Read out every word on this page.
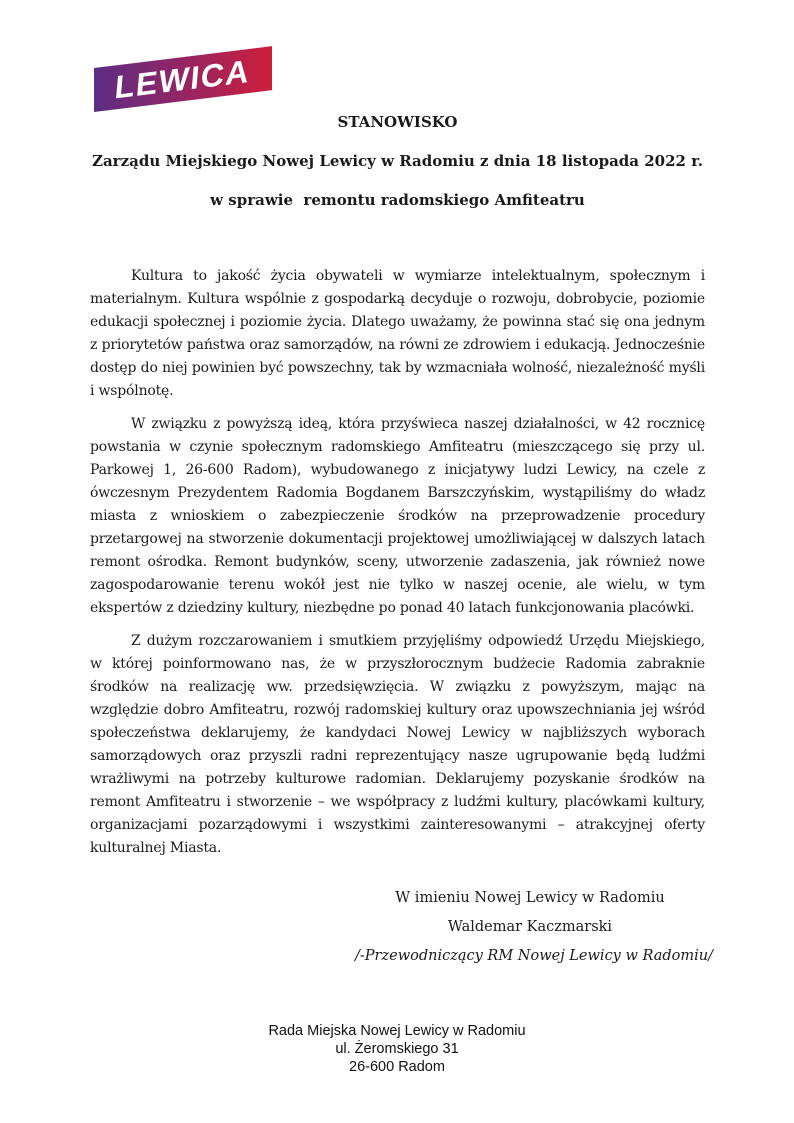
LEWICA
STANOWISKO
Zarządu Miejskiego Nowej Lewicy w Radomiu z dnia 18 listopada 2022 r.
w sprawie  remontu radomskiego Amfiteatru

Kultura to jakość życia obywateli w wymiarze intelektualnym, społecznym i materialnym. Kultura wspólnie z gospodarką decyduje o rozwoju, dobrobycie, poziomie edukacji społecznej i poziomie życia. Dlatego uważamy, że powinna stać się ona jednym z priorytetów państwa oraz samorządów, na równi ze zdrowiem i edukacją. Jednocześnie dostęp do niej powinien być powszechny, tak by wzmacniała wolność, niezależność myśli i wspólnotę.

W związku z powyższą ideą, która przyświeca naszej działalności, w 42 rocznicę powstania w czynie społecznym radomskiego Amfiteatru (mieszczącego się przy ul. Parkowej 1, 26-600 Radom), wybudowanego z inicjatywy ludzi Lewicy, na czele z ówczesnym Prezydentem Radomia Bogdanem Barszczyńskim, wystąpiliśmy do władz miasta z wnioskiem o zabezpieczenie środków na przeprowadzenie procedury przetargowej na stworzenie dokumentacji projektowej umożliwiającej w dalszych latach remont ośrodka. Remont budynków, sceny, utworzenie zadaszenia, jak również nowe zagospodarowanie terenu wokół jest nie tylko w naszej ocenie, ale wielu, w tym ekspertów z dziedziny kultury, niezbędne po ponad 40 latach funkcjonowania placówki.

Z dużym rozczarowaniem i smutkiem przyjęliśmy odpowiedź Urzędu Miejskiego, w której poinformowano nas, że w przyszłorocznym budżecie Radomia zabraknie środków na realizację ww. przedsięwzięcia. W związku z powyższym, mając na względzie dobro Amfiteatru, rozwój radomskiej kultury oraz upowszechniania jej wśród społeczeństwa deklarujemy, że kandydaci Nowej Lewicy w najbliższych wyborach samorządowych oraz przyszli radni reprezentujący nasze ugrupowanie będą ludźmi wrażliwymi na potrzeby kulturowe radomian. Deklarujemy pozyskanie środków na remont Amfiteatru i stworzenie – we współpracy z ludźmi kultury, placówkami kultury, organizacjami pozarządowymi i wszystkimi zainteresowanymi – atrakcyjnej oferty kulturalnej Miasta.

W imieniu Nowej Lewicy w Radomiu
Waldemar Kaczmarski
/-Przewodniczący RM Nowej Lewicy w Radomiu/
Rada Miejska Nowej Lewicy w Radomiu
ul. Żeromskiego 31
26-600 Radom
